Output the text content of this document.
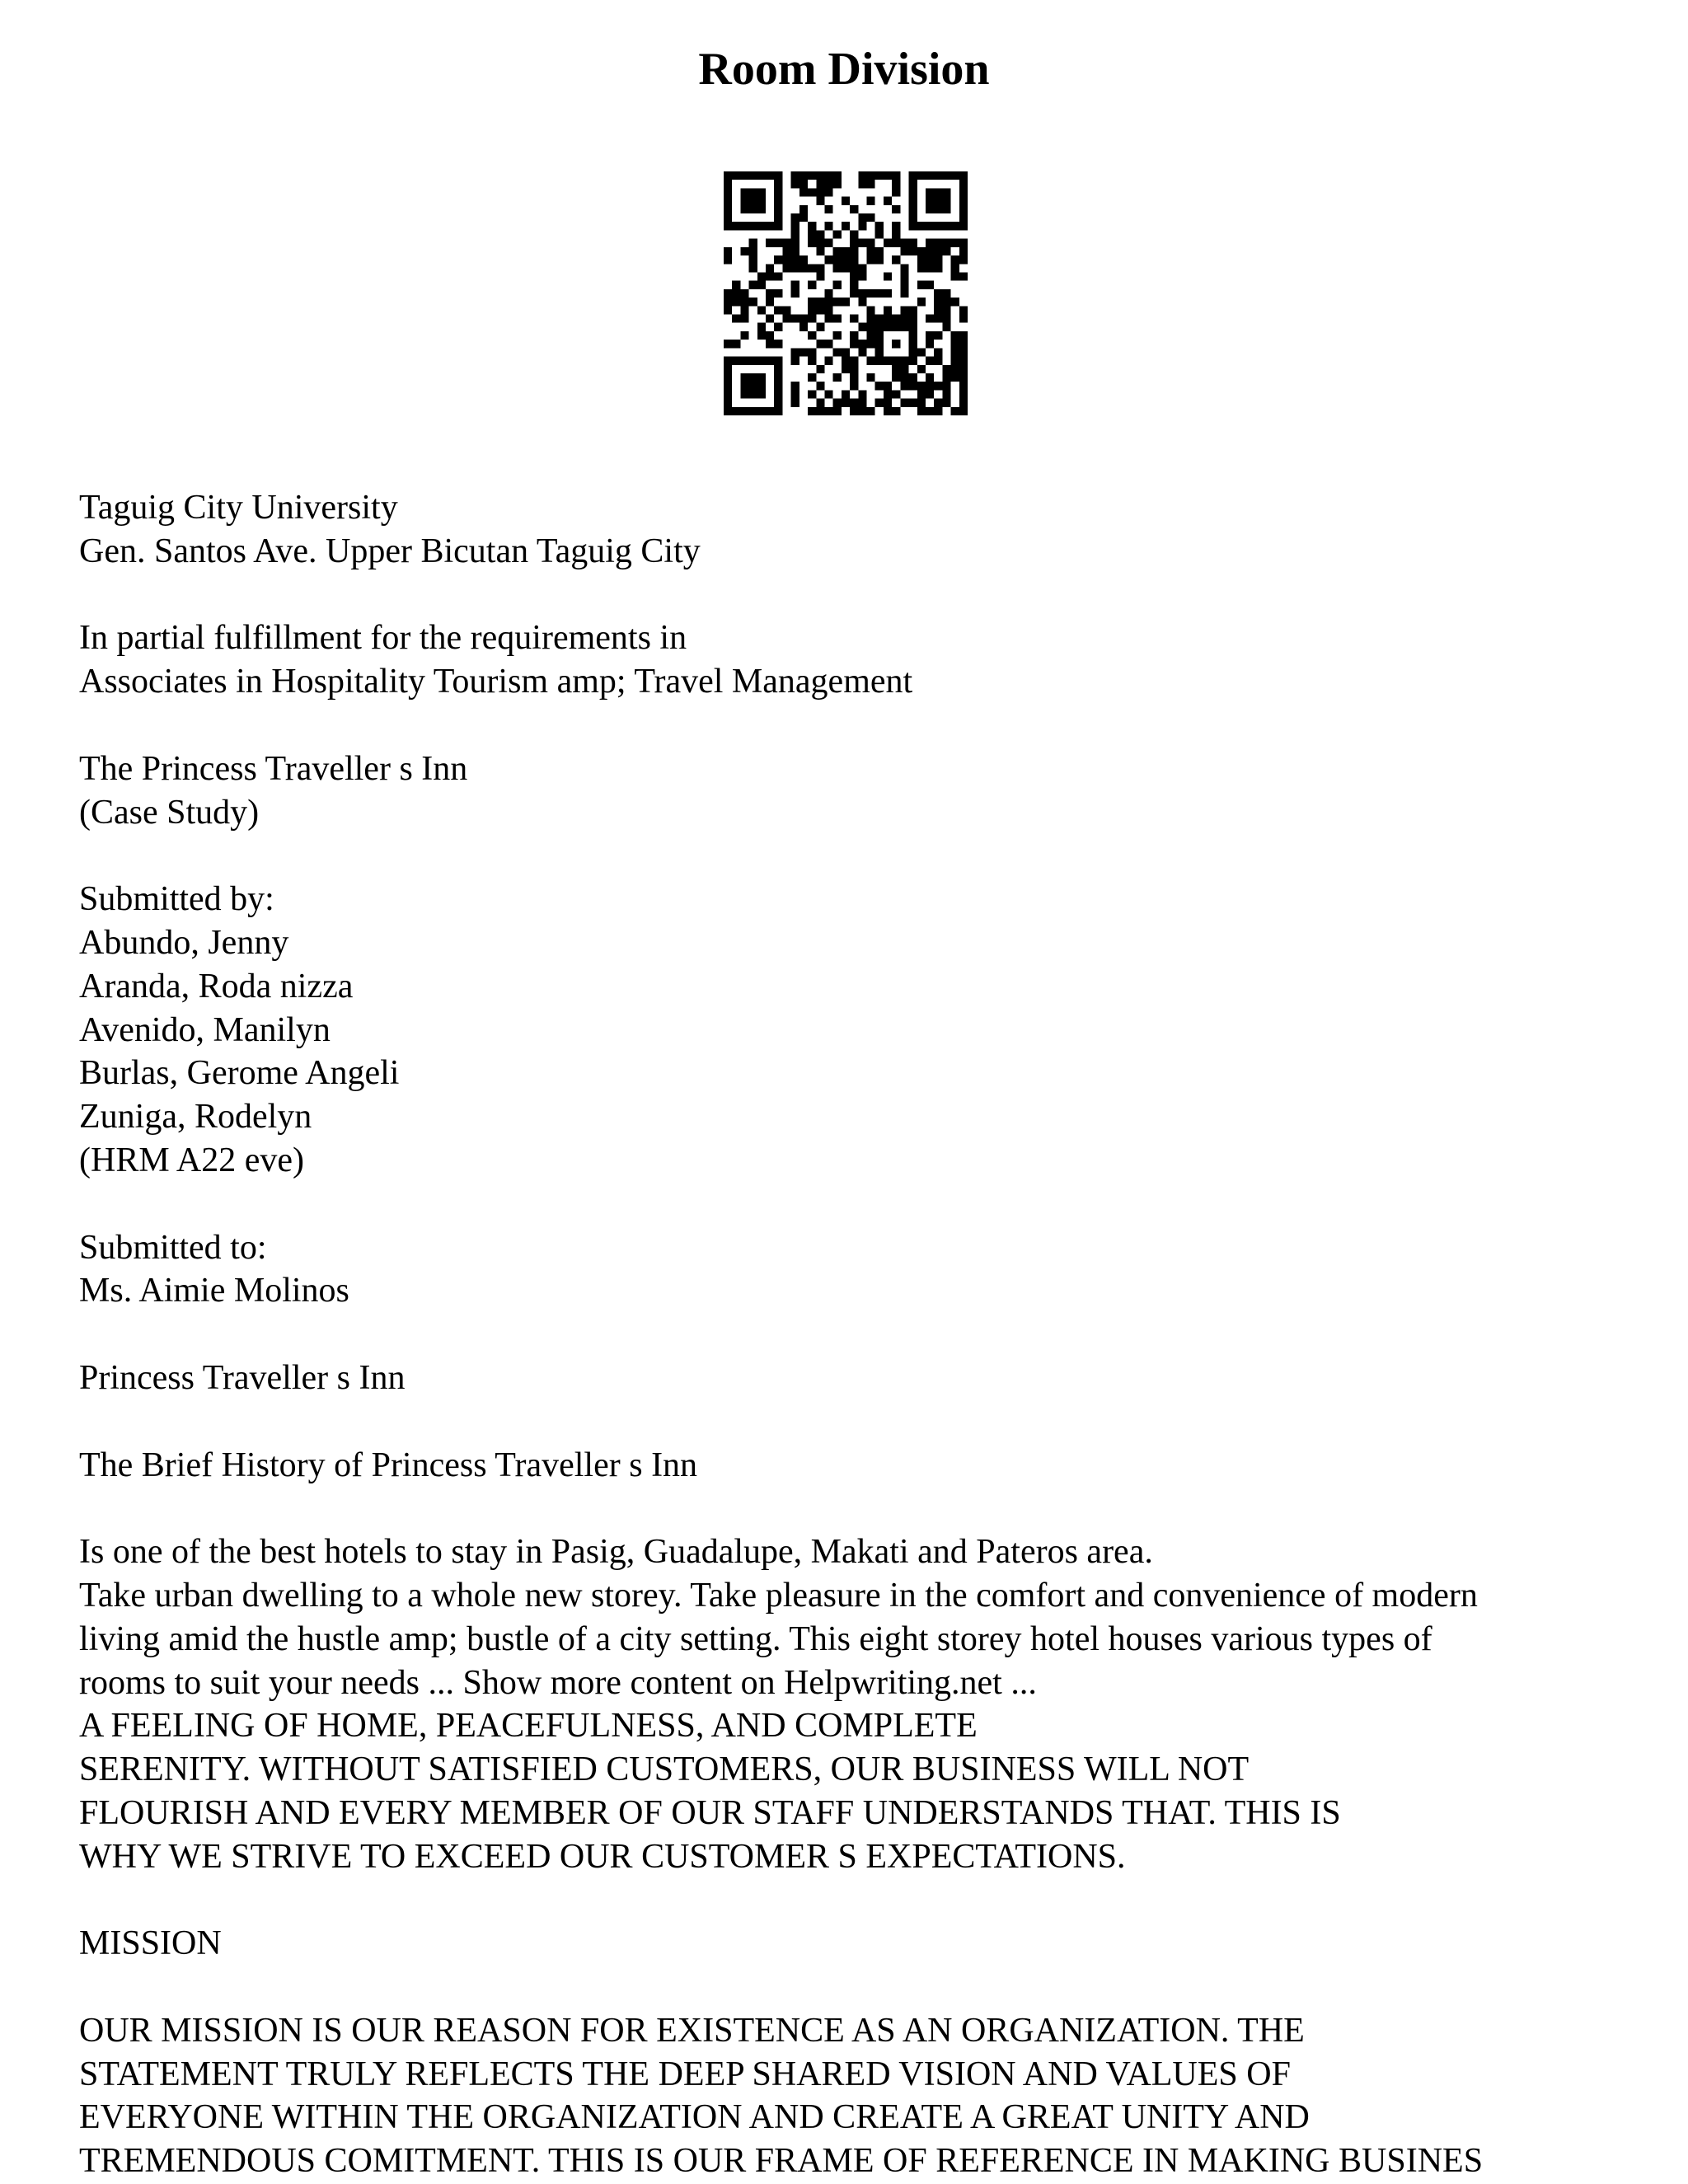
Room Division
Taguig City University
Gen. Santos Ave. Upper Bicutan Taguig City
In partial fulfillment for the requirements in
Associates in Hospitality Tourism amp; Travel Management
The Princess Traveller s Inn
(Case Study)
Submitted by:
Abundo, Jenny
Aranda, Roda nizza
Avenido, Manilyn
Burlas, Gerome Angeli
Zuniga, Rodelyn
(HRM A22 eve)
Submitted to:
Ms. Aimie Molinos
Princess Traveller s Inn
The Brief History of Princess Traveller s Inn
Is one of the best hotels to stay in Pasig, Guadalupe, Makati and Pateros area.
Take urban dwelling to a whole new storey. Take pleasure in the comfort and convenience of modern
living amid the hustle amp; bustle of a city setting. This eight storey hotel houses various types of
rooms to suit your needs ... Show more content on Helpwriting.net ...
A FEELING OF HOME, PEACEFULNESS, AND COMPLETE
SERENITY. WITHOUT SATISFIED CUSTOMERS, OUR BUSINESS WILL NOT
FLOURISH AND EVERY MEMBER OF OUR STAFF UNDERSTANDS THAT. THIS IS
WHY WE STRIVE TO EXCEED OUR CUSTOMER S EXPECTATIONS.
MISSION
OUR MISSION IS OUR REASON FOR EXISTENCE AS AN ORGANIZATION. THE
STATEMENT TRULY REFLECTS THE DEEP SHARED VISION AND VALUES OF
EVERYONE WITHIN THE ORGANIZATION AND CREATE A GREAT UNITY AND
TREMENDOUS COMITMENT. THIS IS OUR FRAME OF REFERENCE IN MAKING BUSINES
